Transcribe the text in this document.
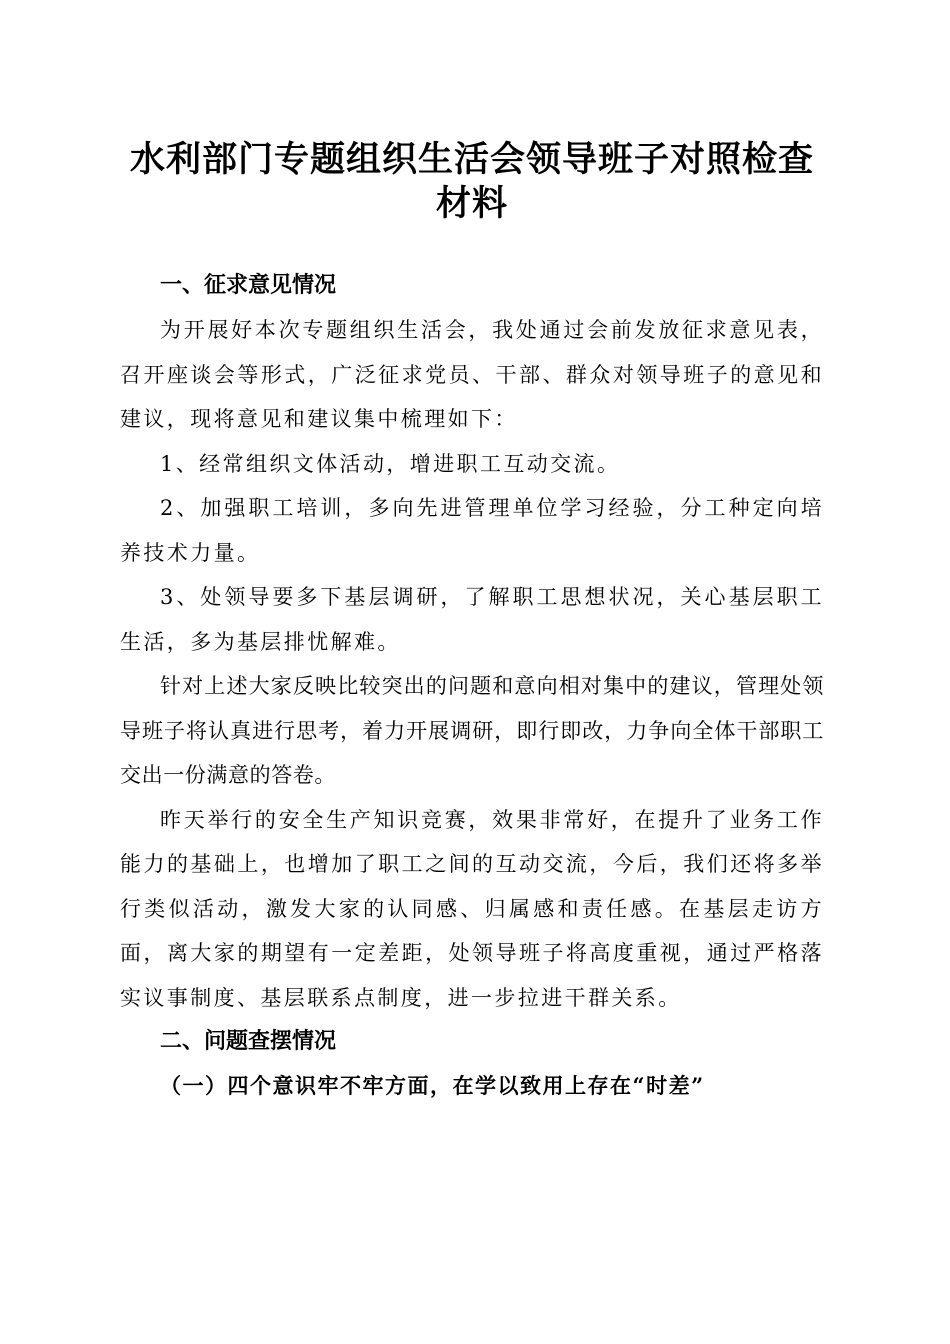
水利部门专题组织生活会领导班子对照检查材料

一、征求意见情况

为开展好本次专题组织生活会，我处通过会前发放征求意见表，召开座谈会等形式，广泛征求党员、干部、群众对领导班子的意见和建议，现将意见和建议集中梳理如下：

1、经常组织文体活动，增进职工互动交流。

2、加强职工培训，多向先进管理单位学习经验，分工种定向培养技术力量。

3、处领导要多下基层调研，了解职工思想状况，关心基层职工生活，多为基层排忧解难。

针对上述大家反映比较突出的问题和意向相对集中的建议，管理处领导班子将认真进行思考，着力开展调研，即行即改，力争向全体干部职工交出一份满意的答卷。

昨天举行的安全生产知识竞赛，效果非常好，在提升了业务工作能力的基础上，也增加了职工之间的互动交流，今后，我们还将多举行类似活动，激发大家的认同感、归属感和责任感。在基层走访方面，离大家的期望有一定差距，处领导班子将高度重视，通过严格落实议事制度、基层联系点制度，进一步拉进干群关系。

二、问题查摆情况

（一）四个意识牢不牢方面，在学以致用上存在“时差”
